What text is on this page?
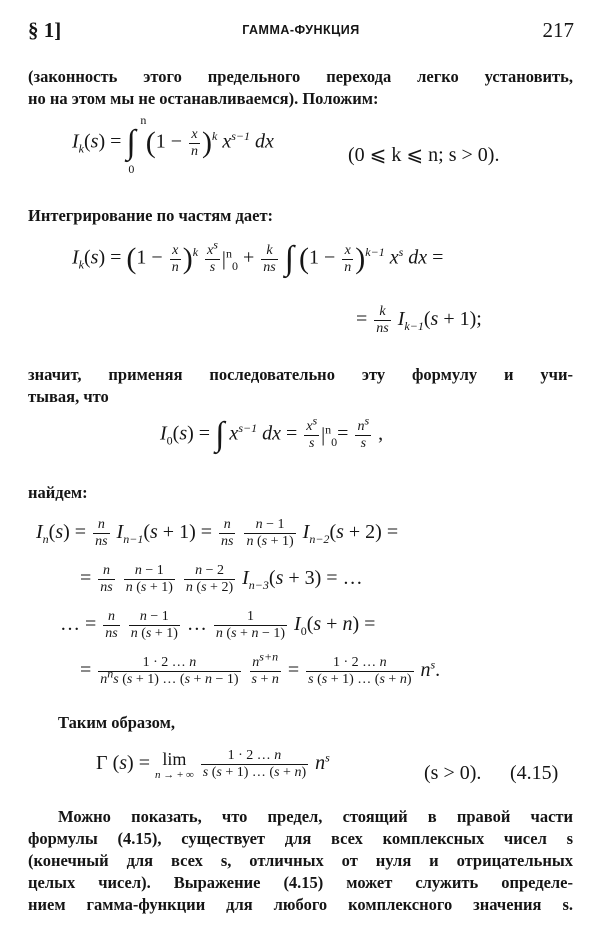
§ 1]	ГАММА-ФУНКЦИЯ	217
(законность этого предельного перехода легко установить,
но на этом мы не останавливаемся). Положим:
$I_k(s)$ = ∫
n
0
$(1 - \frac{x}{n} )^k$ $x^{s-1}$ dx
(0 ⩽ k ⩽ n; s > 0).
Интегрирование по частям дает:
$I_k(s) = (1 - \frac{x}{n} )^k \frac{x^s}{s} |^n_0 + \frac{k}{ns}$ ∫ $(1 - \frac{x}{n} )^{k-1}$ $x^s$ dx =
= $\frac{k}{ns} I_{k-1}(s + 1)$;
значит, применяя последовательно эту формулу и учи-
тывая, что
$I_0(s)$ = ∫ $x^{s-1}$ dx = $\frac{x^s}{s} |^n_0= \frac{n^s}{s}$ ,
найдем:
$I_n(s) = \frac{n}{ns} I_{n-1}(s + 1) = \frac{n}{ns}$
$\frac{n - 1}{n (s + 1)} I_{n-2}(s + 2)$ =
= $\frac{n}{ns}$
$\frac{n - 1}{n (s + 1)}$
$\frac{n - 2}{n (s + 2)} I_{n-3}(s + 3)$ = …
… = $\frac{n}{ns}$
$\frac{n - 1}{n (s + 1)}$ … $\frac{1}{n (s + n - 1)} I_0(s + n)$ =
= $\frac{1 \cdot 2 \dots n}{n^ns (s + 1) \dots (s + n - 1)}$
$\frac{n^{s+n}}{s + n} = \frac{1 \cdot 2 \dots n}{s (s + 1) \dots (s + n)} n^s$.
Таким образом,
Γ (s) = lim
n → + ∞
$\frac{1 \cdot 2 \dots n}{s (s + 1) \dots (s + n)} n^s$
(s > 0). (4.15)
Можно показать, что предел, стоящий в правой части
формулы (4.15), существует для всех комплексных чисел s
(конечный для всех s, отличных от нуля и отрицательных
целых чисел). Выражение (4.15) может служить определе-
нием гамма-функции для любого комплексного значения s.
